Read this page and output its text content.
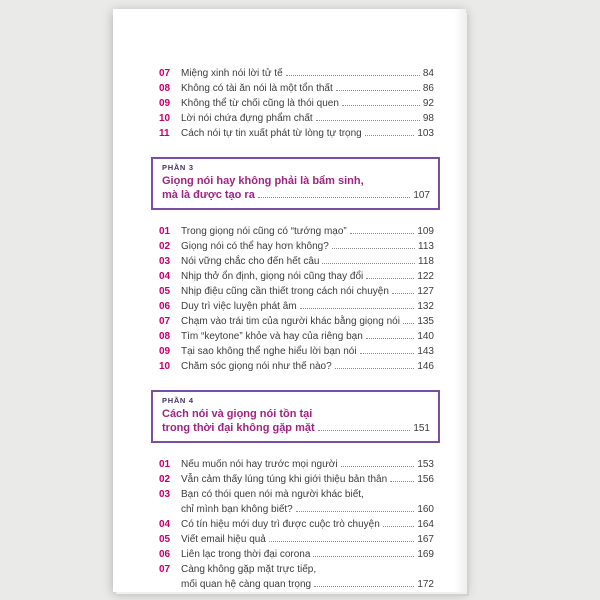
07	Miệng xinh nói lời tử tế	84
08	Không có tài ăn nói là một tổn thất	86
09	Không thể từ chối cũng là thói quen	92
10	Lời nói chứa đựng phẩm chất	98
11	Cách nói tự tin xuất phát từ lòng tự trọng	103
PHẦN 3
Giọng nói hay không phải là bẩm sinh,
mà là được tạo ra	107
01	Trong giọng nói cũng có “tướng mạo”	109
02	Giọng nói có thể hay hơn không?	113
03	Nói vững chắc cho đến hết câu	118
04	Nhịp thở ổn định, giọng nói cũng thay đổi	122
05	Nhịp điệu cũng cần thiết trong cách nói chuyện	127
06	Duy trì việc luyện phát âm	132
07	Chạm vào trái tim của người khác bằng giọng nói 135
08	Tìm “keytone” khỏe và hay của riêng bạn	140
09	Tại sao không thể nghe hiểu lời bạn nói	143
10	Chăm sóc giọng nói như thế nào?	146
PHẦN 4
Cách nói và giọng nói tồn tại
trong thời đại không gặp mặt	151
01	Nếu muốn nói hay trước mọi người	153
02	Vẫn cảm thấy lúng túng khi giới thiệu bản thân	156
03	Bạn có thói quen nói mà người khác biết,
chỉ mình bạn không biết?	160
04	Có tín hiệu mới duy trì được cuộc trò chuyện	164
05	Viết email hiệu quả	167
06	Liên lạc trong thời đại corona	169
07	Càng không gặp mặt trực tiếp,
mối quan hệ càng quan trọng	172
